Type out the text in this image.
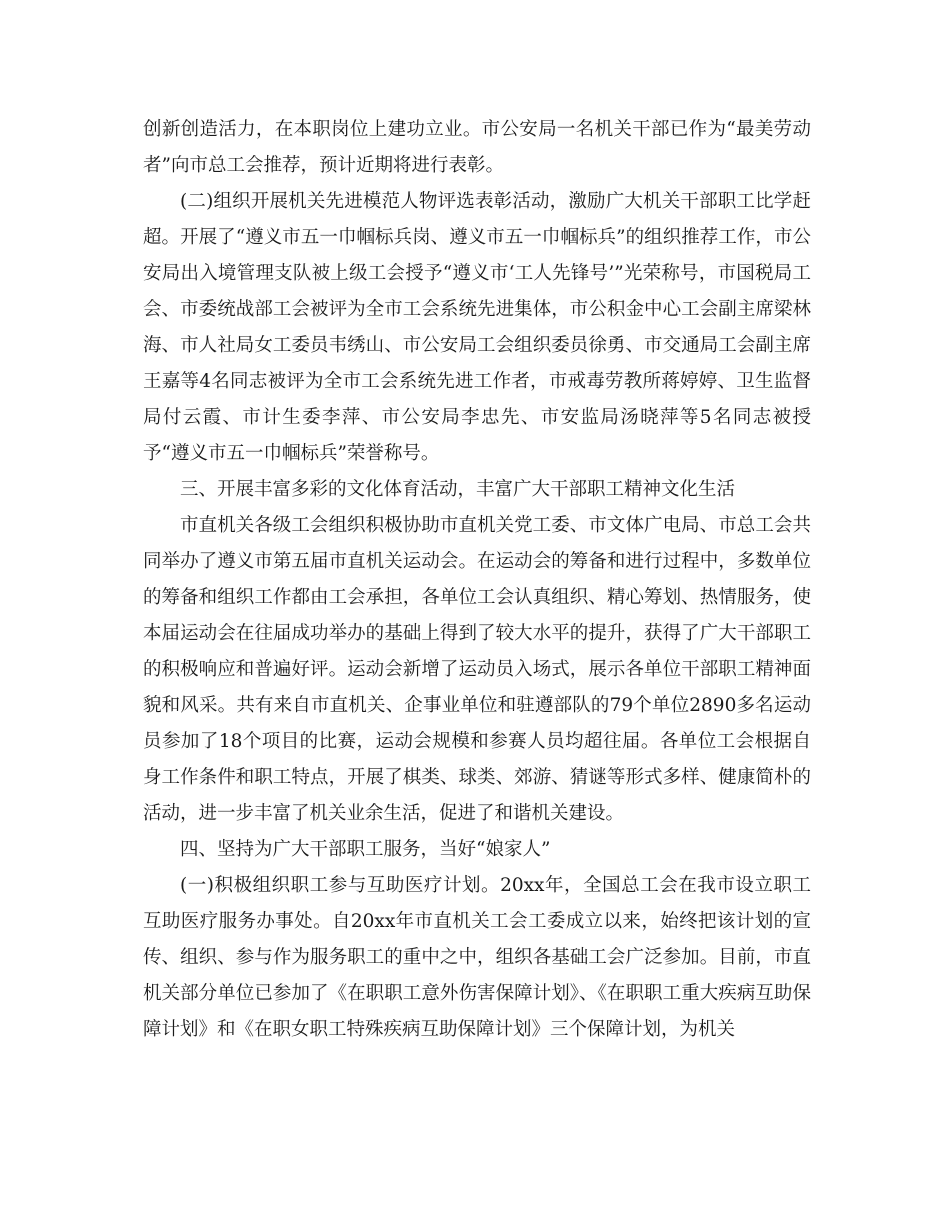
创新创造活力，在本职岗位上建功立业。市公安局一名机关干部已作为“最美劳动者”向市总工会推荐，预计近期将进行表彰。

(二)组织开展机关先进模范人物评选表彰活动，激励广大机关干部职工比学赶超。开展了“遵义市五一巾帼标兵岗、遵义市五一巾帼标兵”的组织推荐工作，市公安局出入境管理支队被上级工会授予“遵义市‘工人先锋号’”光荣称号，市国税局工会、市委统战部工会被评为全市工会系统先进集体，市公积金中心工会副主席梁林海、市人社局女工委员韦绣山、市公安局工会组织委员徐勇、市交通局工会副主席王嘉等4名同志被评为全市工会系统先进工作者，市戒毒劳教所蒋婷婷、卫生监督局付云霞、市计生委李萍、市公安局李忠先、市安监局汤晓萍等5名同志被授予“遵义市五一巾帼标兵”荣誉称号。

三、开展丰富多彩的文化体育活动，丰富广大干部职工精神文化生活

市直机关各级工会组织积极协助市直机关党工委、市文体广电局、市总工会共同举办了遵义市第五届市直机关运动会。在运动会的筹备和进行过程中，多数单位的筹备和组织工作都由工会承担，各单位工会认真组织、精心筹划、热情服务，使本届运动会在往届成功举办的基础上得到了较大水平的提升，获得了广大干部职工的积极响应和普遍好评。运动会新增了运动员入场式，展示各单位干部职工精神面貌和风采。共有来自市直机关、企事业单位和驻遵部队的79个单位2890多名运动员参加了18个项目的比赛，运动会规模和参赛人员均超往届。各单位工会根据自身工作条件和职工特点，开展了棋类、球类、郊游、猜谜等形式多样、健康简朴的活动，进一步丰富了机关业余生活，促进了和谐机关建设。

四、坚持为广大干部职工服务，当好“娘家人”

(一)积极组织职工参与互助医疗计划。20xx年，全国总工会在我市设立职工互助医疗服务办事处。自20xx年市直机关工会工委成立以来，始终把该计划的宣传、组织、参与作为服务职工的重中之中，组织各基础工会广泛参加。目前，市直机关部分单位已参加了《在职职工意外伤害保障计划》、《在职职工重大疾病互助保障计划》和《在职女职工特殊疾病互助保障计划》三个保障计划，为机关
